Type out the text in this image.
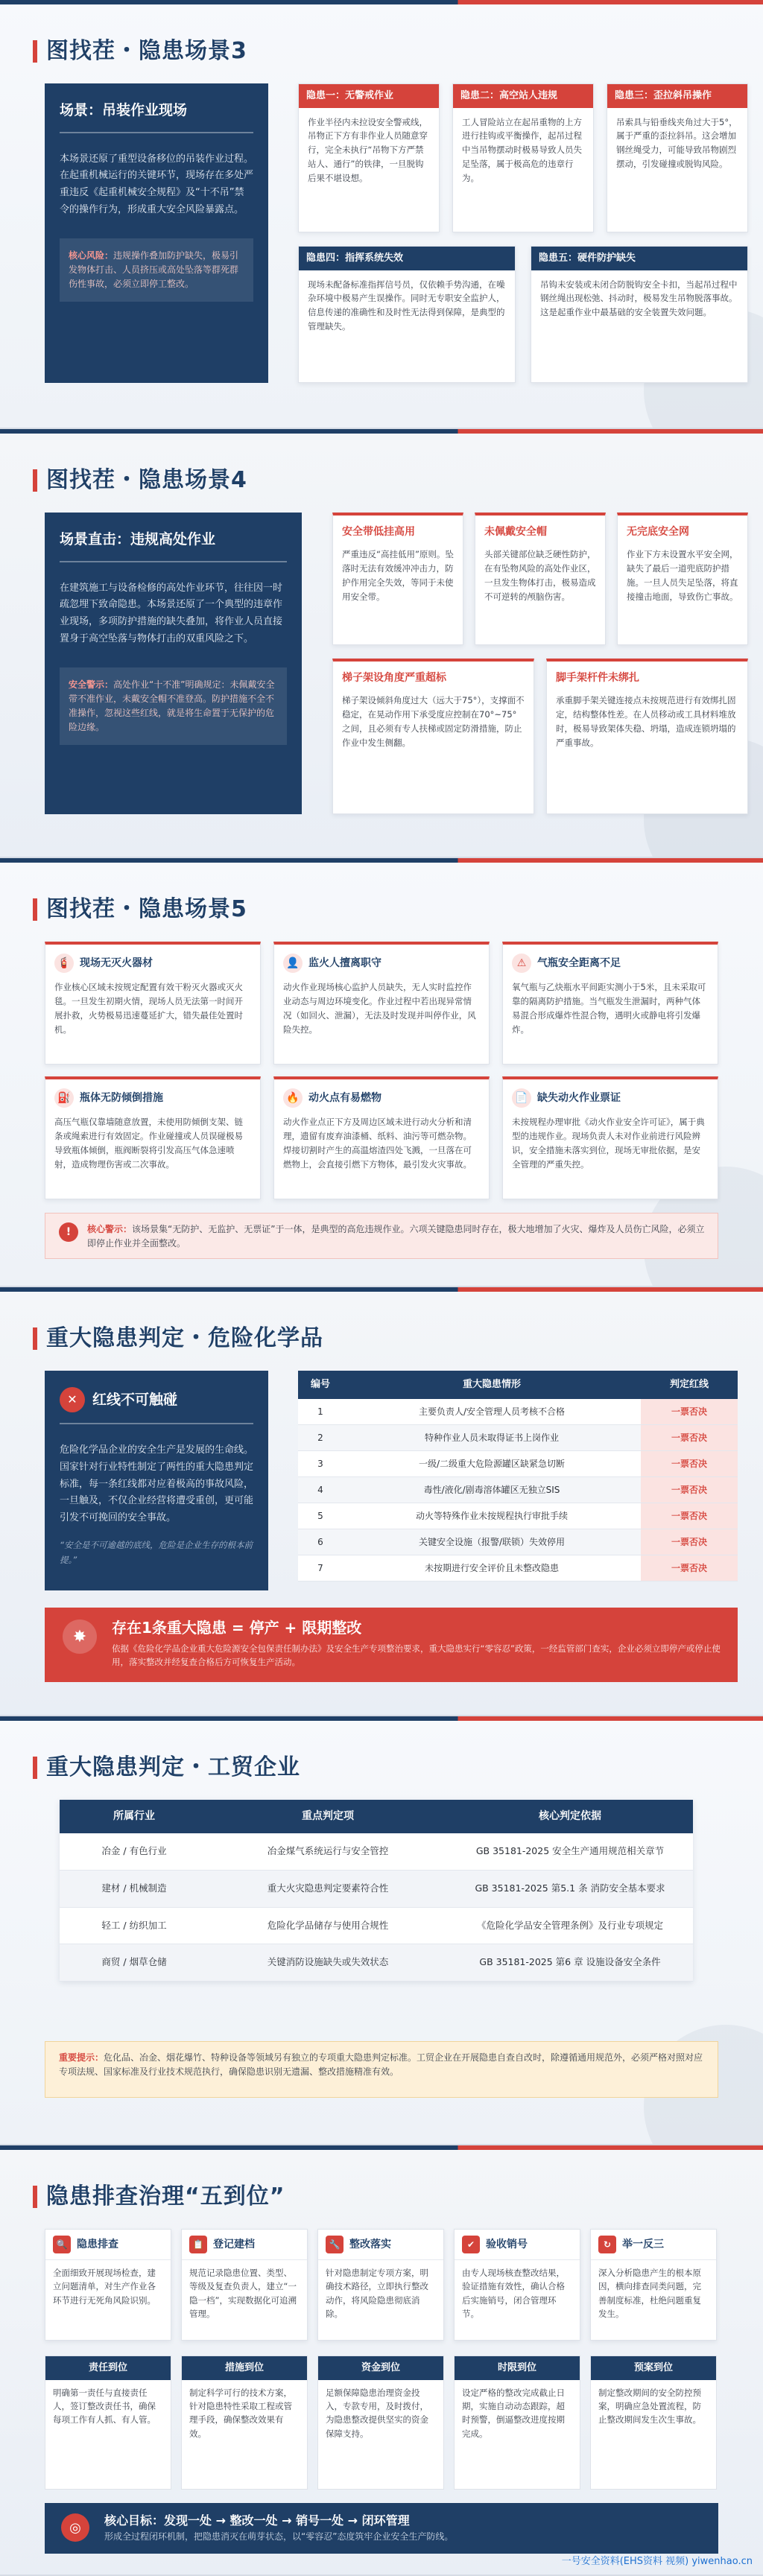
图找茬・隐患场景3
场景：吊装作业现场

本场景还原了重型设备移位的吊装作业过程。在起重机械运行的关键环节，现场存在多处严重违反《起重机械安全规程》及“十不吊”禁令的操作行为，形成重大安全风险暴露点。

核心风险：违规操作叠加防护缺失，极易引发物体打击、人员挤压或高处坠落等群死群伤性事故，必须立即停工整改。
隐患一：无警戒作业
作业半径内未拉设安全警戒线，吊物正下方有非作业人员随意穿行，完全未执行“吊物下方严禁站人、通行”的铁律，一旦脱钩后果不堪设想。
隐患二：高空站人违规
工人冒险站立在起吊重物的上方进行挂钩或平衡操作，起吊过程中当吊物摆动时极易导致人员失足坠落，属于极高危的违章行为。
隐患三：歪拉斜吊操作
吊索具与铅垂线夹角过大于5°，属于严重的歪拉斜吊。这会增加钢丝绳受力，可能导致吊物剧烈摆动，引发碰撞或脱钩风险。
隐患四：指挥系统失效
现场未配备标准指挥信号员，仅依赖手势沟通，在噪杂环境中极易产生误操作。同时无专职安全监护人，信息传递的准确性和及时性无法得到保障，是典型的管理缺失。
隐患五：硬件防护缺失
吊钩未安装或未闭合防脱钩安全卡扣，当起吊过程中钢丝绳出现松弛、抖动时，极易发生吊物脱落事故。这是起重作业中最基础的安全装置失效问题。
图找茬・隐患场景4
场景直击：违规高处作业

在建筑施工与设备检修的高处作业环节，往往因一时疏忽埋下致命隐患。本场景还原了一个典型的违章作业现场，多项防护措施的缺失叠加，将作业人员直接置身于高空坠落与物体打击的双重风险之下。

安全警示：高处作业“十不准”明确规定：未佩戴安全带不准作业，未戴安全帽不准登高。防护措施不全不准操作，忽视这些红线，就是将生命置于无保护的危险边缘。
安全带低挂高用
严重违反“高挂低用”原则。坠落时无法有效缓冲冲击力，防护作用完全失效，等同于未使用安全带。
未佩戴安全帽
头部关键部位缺乏硬性防护，在有坠物风险的高处作业区，一旦发生物体打击，极易造成不可逆转的颅脑伤害。
无完底安全网
作业下方未设置水平安全网，缺失了最后一道兜底防护措施。一旦人员失足坠落，将直接撞击地面，导致伤亡事故。
梯子架设角度严重超标
梯子架设倾斜角度过大（远大于75°），支撑面不稳定，在晃动作用下承受度应控制在70°~75°之间，且必须有专人扶梯或固定防滑措施，防止作业中发生侧翻。
脚手架杆件未绑扎
承重脚手架关键连接点未按规范进行有效绑扎固定，结构整体性差。在人员移动或工具材料堆放时，极易导致架体失稳、坍塌，造成连锁坍塌的严重事故。
图找茬・隐患场景5
🧯 现场无灭火器材
作业核心区域未按规定配置有效干粉灭火器或灭火毯。一旦发生初期火情，现场人员无法第一时间开展扑救，火势极易迅速蔓延扩大，错失最佳处置时机。
👤 监火人擅离职守
动火作业现场核心监护人员缺失，无人实时监控作业动态与周边环境变化。作业过程中若出现异常情况（如回火、泄漏），无法及时发现并叫停作业，风险失控。
⚠	气瓶安全距离不足
氧气瓶与乙炔瓶水平间距实测小于5米，且未采取可靠的隔离防护措施。当气瓶发生泄漏时，两种气体易混合形成爆炸性混合物，遇明火或静电将引发爆炸。
⛽ 瓶体无防倾倒措施
高压气瓶仅靠墙随意放置，未使用防倾倒支架、链条或绳索进行有效固定。作业碰撞或人员误碰极易导致瓶体倾倒，瓶阀断裂将引发高压气体急速喷射，造成物理伤害或二次事故。
🔥 动火点有易燃物
动火作业点正下方及周边区域未进行动火分析和清理，遗留有废弃油漆桶、纸料、油污等可燃杂物。焊接切割时产生的高温熔渣四处飞溅，一旦落在可燃物上，会直接引燃下方物体，最引发火灾事故。
📄 缺失动火作业票证
未按规程办理审批《动火作业安全许可证》，属于典型的违规作业。现场负责人未对作业前进行风险辨识，安全措施未落实到位，现场无审批依据，是安全管理的严重失控。
!	核心警示：该场景集“无防护、无监护、无票证”于一体，是典型的高危违规作业。六项关键隐患同时存在，极大地增加了火灾、爆炸及人员伤亡风险，必须立即停止作业并全面整改。
重大隐患判定・危险化学品
✕	红线不可触碰

危险化学品企业的安全生产是发展的生命线。国家针对行业特性制定了两性的重大隐患判定标准，每一条红线都对应着极高的事故风险，一旦触及，不仅企业经营将遭受重创，更可能引发不可挽回的安全事故。

“安全是不可逾越的底线，危险是企业生存的根本前提。”

编号	重大隐患情形	判定红线
1	主要负责人/安全管理人员考核不合格	一票否决
2	特种作业人员未取得证书上岗作业	一票否决
3	一级/二级重大危险源罐区缺紧急切断	一票否决
4	毒性/液化/剧毒溶体罐区无独立SIS	一票否决
5	动火等特殊作业未按规程执行审批手续	一票否决
6	关键安全设施（报警/联锁）失效停用	一票否决
7	未按期进行安全评价且未整改隐患	一票否决
✸	存在1条重大隐患 = 停产 + 限期整改
依据《危险化学品企业重大危险源安全包保责任制办法》及安全生产专项整治要求，重大隐患实行“零容忍”政策，一经监管部门查实，企业必须立即停产或停止使用，落实整改并经复查合格后方可恢复生产活动。
重大隐患判定・工贸企业
所属行业	重点判定项	核心判定依据
冶金 / 有色行业	冶金煤气系统运行与安全管控	GB 35181-2025 安全生产通用规范相关章节
建材 / 机械制造	重大火灾隐患判定要素符合性	GB 35181-2025 第5.1 条 消防安全基本要求
轻工 / 纺织加工	危险化学品储存与使用合规性	《危险化学品安全管理条例》及行业专项规定
商贸 / 烟草仓储	关键消防设施缺失或失效状态	GB 35181-2025 第6 章 设施设备安全条件
重要提示：危化品、冶金、烟花爆竹、特种设备等领域另有独立的专项重大隐患判定标准。工贸企业在开展隐患自查自改时，除遵循通用规范外，必须严格对照对应专项法规、国家标准及行业技术规范执行，确保隐患识别无遗漏、整改措施精准有效。
隐患排查治理“五到位”
🔍 隐患排查
全面细致开展现场检查，建立问题清单，对生产作业各环节进行无死角风险识别。
📋 登记建档
规范记录隐患位置、类型、等级及复查负责人，建立“一隐一档”，实现数据化可追溯管理。
🔧 整改落实
针对隐患制定专项方案，明确技术路径，立即执行整改动作，将风险隐患彻底消除。
✔	验收销号
由专人现场核查整改结果，验证措施有效性，确认合格后实施销号，闭合管理环节。
↻	举一反三
深入分析隐患产生的根本原因，横向排查同类问题，完善制度标准，杜绝问题重复发生。
责任到位
明确第一责任与直接责任人，签订整改责任书，确保每项工作有人抓、有人管。
措施到位
制定科学可行的技术方案，针对隐患特性采取工程或管理手段，确保整改效果有效。
资金到位
足额保障隐患治理资金投入，专款专用，及时拨付，为隐患整改提供坚实的资金保障支持。
时限到位
设定严格的整改完成截止日期，实施自动动态跟踪，超时预警，倒逼整改进度按期完成。
预案到位
制定整改期间的安全防控预案，明确应急处置流程，防止整改期间发生次生事故。
◎	核心目标：发现一处 → 整改一处 → 销号一处 → 闭环管理
形成全过程闭环机制，把隐患消灭在萌芽状态，以“零容忍”态度筑牢企业安全生产防线。
一号安全资料(EHS资料 视频) yiwenhao.cn
